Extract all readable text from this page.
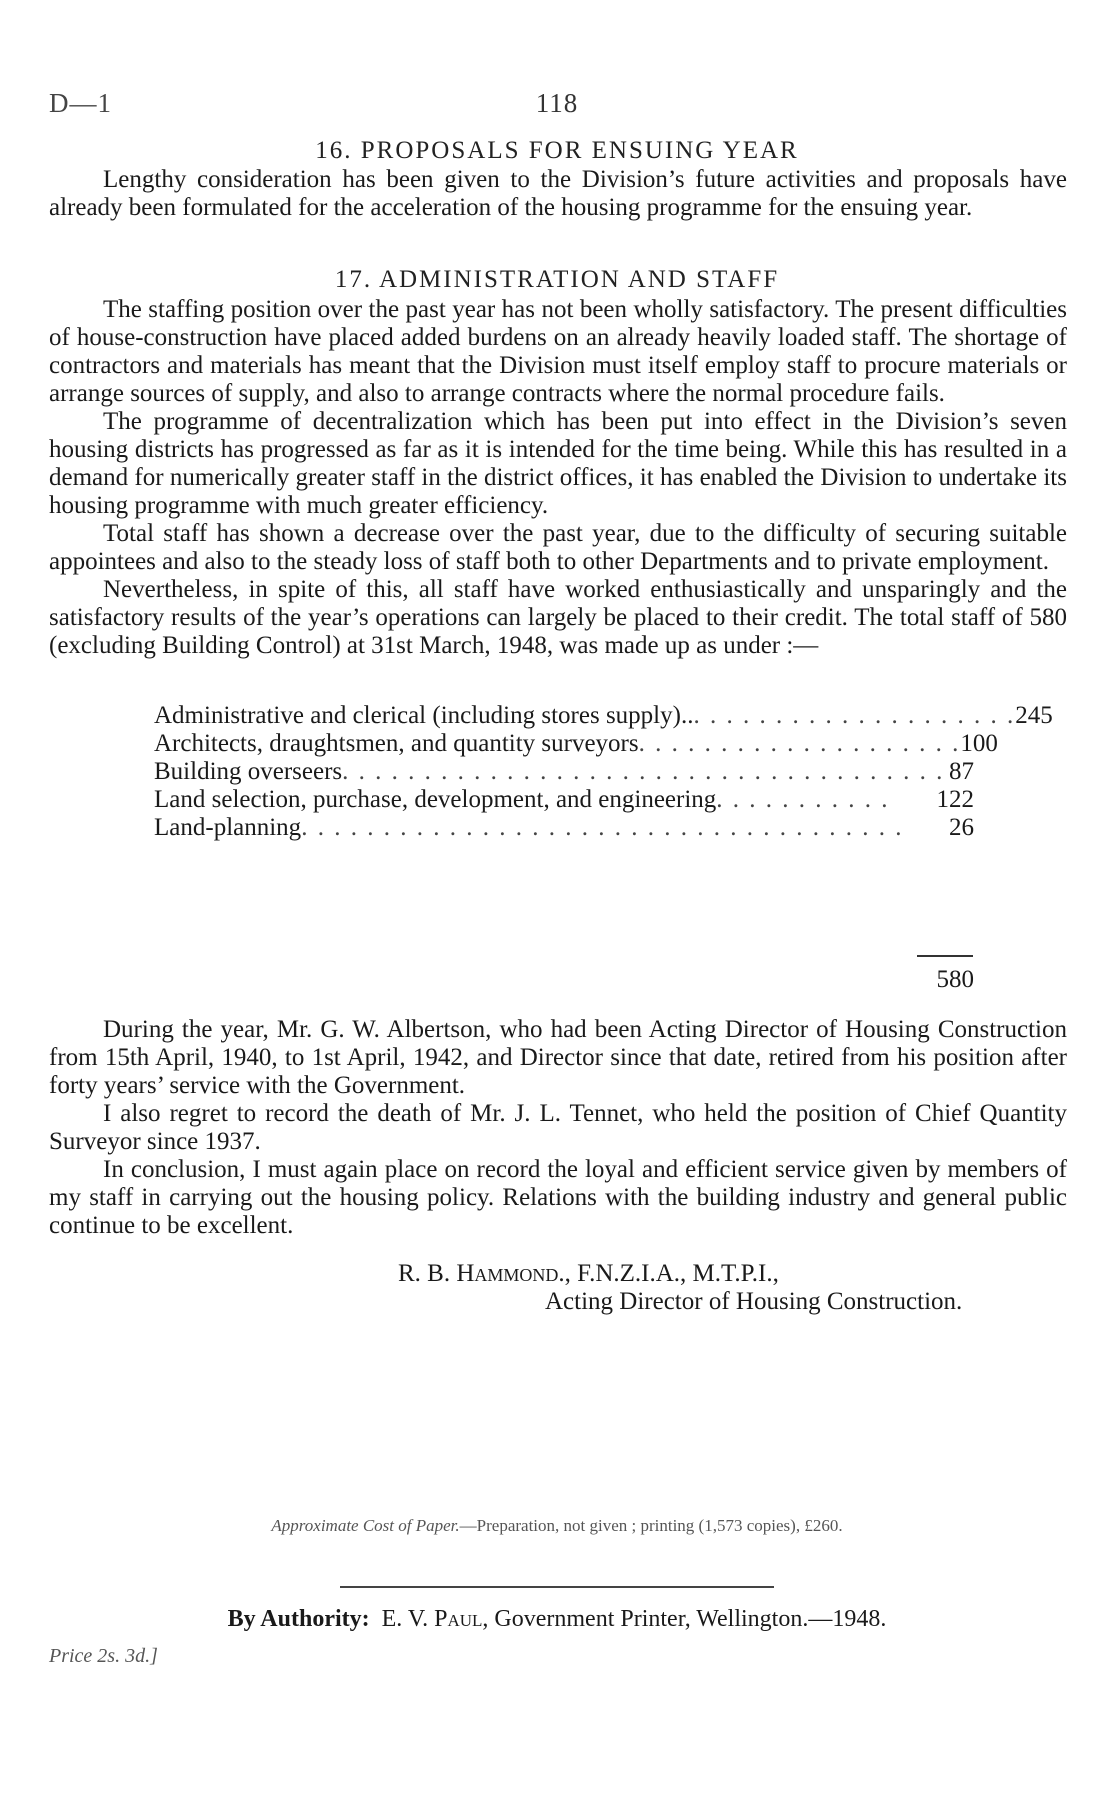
D—1	118
16. PROPOSALS FOR ENSUING YEAR

Lengthy consideration has been given to the Division’s future activities and proposals have already been formulated for the acceleration of the housing programme for the ensuing year.

17. ADMINISTRATION AND STAFF

The staffing position over the past year has not been wholly satisfactory. The present difficulties of house-construction have placed added burdens on an already heavily loaded staff. The shortage of contractors and materials has meant that the Division must itself employ staff to procure materials or arrange sources of supply, and also to arrange contracts where the normal procedure fails.

The programme of decentralization which has been put into effect in the Division’s seven housing districts has progressed as far as it is intended for the time being. While this has resulted in a demand for numerically greater staff in the district offices, it has enabled the Division to undertake its housing programme with much greater efficiency.

Total staff has shown a decrease over the past year, due to the difficulty of securing suitable appointees and also to the steady loss of staff both to other Departments and to private employment.

Nevertheless, in spite of this, all staff have worked enthusiastically and unsparingly and the satisfactory results of the year’s operations can largely be placed to their credit. The total staff of 580 (excluding Building Control) at 31st March, 1948, was made up as under :—

Administrative and clerical (including stores supply).. . . . . . . . . . . . . . . . . . . . . 245
Architects, draughtsmen, and quantity surveyors . . . . . . . . . . . . . . . . . . . . 100
Building overseers . . . . . . . . . . . . . . . . . . . . . . . . . . . . . . . . . . . . . 87
Land selection, purchase, development, and engineering . . . . . . . . . . .	122
Land-planning . . . . . . . . . . . . . . . . . . . . . . . . . . . . . . . . . . . . .	26
580

During the year, Mr. G. W. Albertson, who had been Acting Director of Housing Construction from 15th April, 1940, to 1st April, 1942, and Director since that date, retired from his position after forty years’ service with the Government.

I also regret to record the death of Mr. J. L. Tennet, who held the position of Chief Quantity Surveyor since 1937.

In conclusion, I must again place on record the loyal and efficient service given by members of my staff in carrying out the housing policy. Relations with the building industry and general public continue to be excellent.

R. B. Hammond., F.N.Z.I.A., M.T.P.I.,
Acting Director of Housing Construction.
Approximate Cost of Paper.—Preparation, not given ; printing (1,573 copies), £260.
By Authority: E. V. Paul, Government Printer, Wellington.—1948.
Price 2s. 3d.]
